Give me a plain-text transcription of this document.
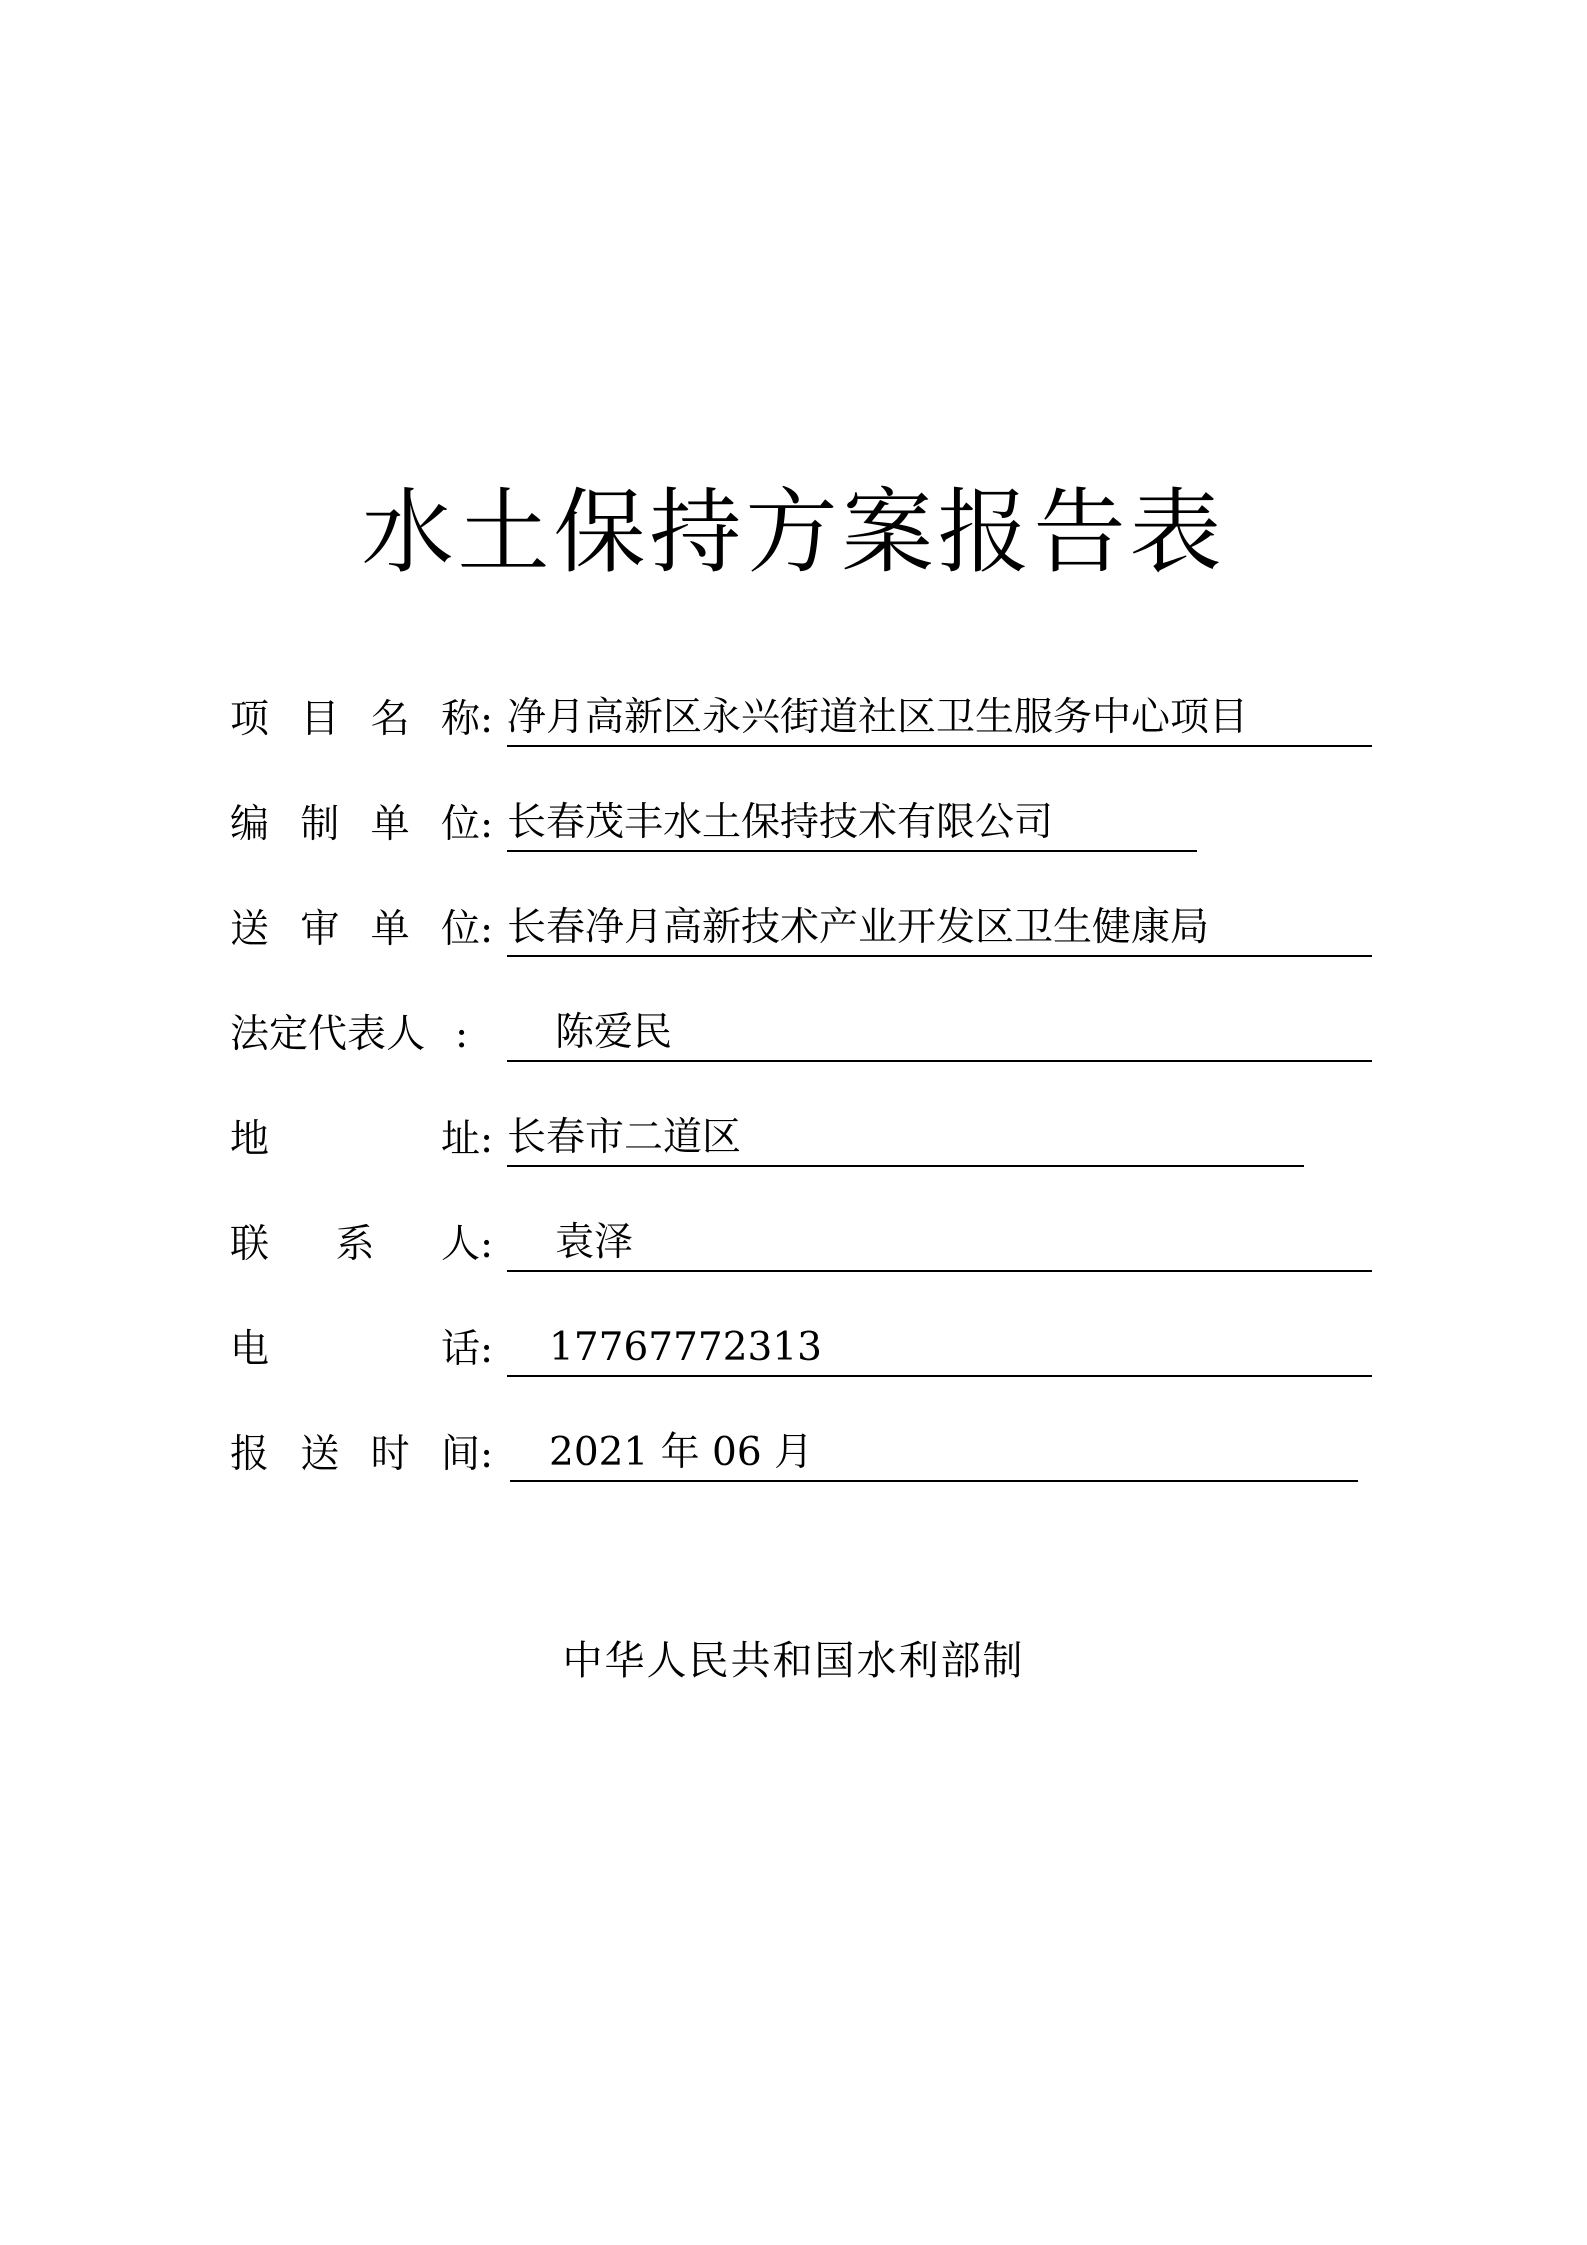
水土保持方案报告表
项 目 名 称 : 净月高新区永兴街道社区卫生服务中心项目
编 制 单 位 : 长春茂丰水土保持技术有限公司
送 审 单 位 : 长春净月高新技术产业开发区卫生健康局
法 定 代 表 人 : 陈爱民
地	址 : 长春市二道区
联 系 人 : 袁泽
电	话 : 17767772313
报 送 时 间 : 2021 年 06 月
中华人民共和国水利部制
